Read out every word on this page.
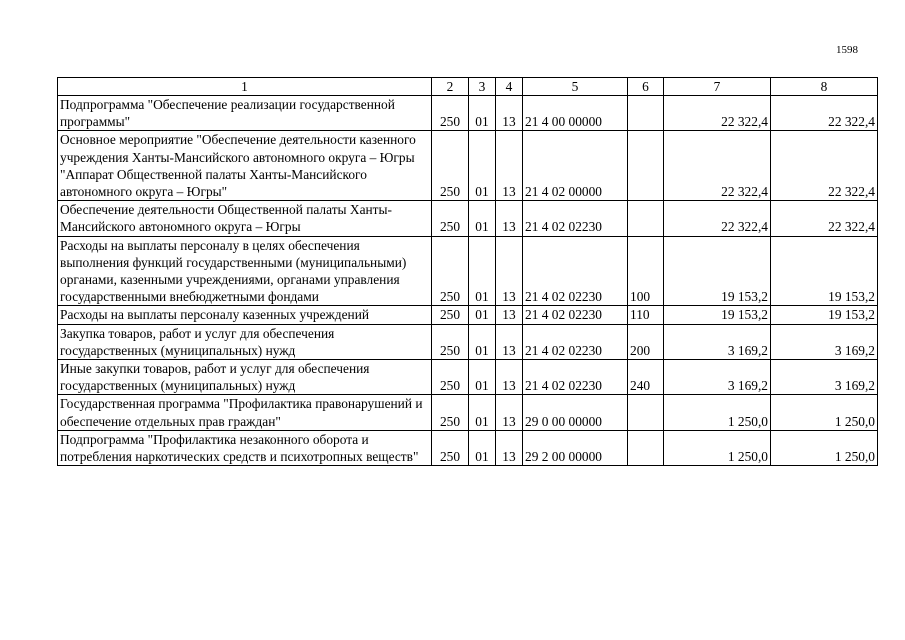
1598
1	2	3	4	5	6	7	8
Подпрограмма "Обеспечение реализации государственной программы"	250	01	13	21 4 00 00000		22 322,4	22 322,4
Основное мероприятие "Обеспечение деятельности казенного учреждения Ханты-Мансийского автономного округа – Югры "Аппарат Общественной палаты Ханты-Мансийского автономного округа – Югры"	250	01	13	21 4 02 00000		22 322,4	22 322,4
Обеспечение деятельности Общественной палаты Ханты-Мансийского автономного округа – Югры	250	01	13	21 4 02 02230		22 322,4	22 322,4
Расходы на выплаты персоналу в целях обеспечения выполнения функций государственными (муниципальными) органами, казенными учреждениями, органами управления государственными внебюджетными фондами	250	01	13	21 4 02 02230	100	19 153,2	19 153,2
Расходы на выплаты персоналу казенных учреждений	250	01	13	21 4 02 02230	110	19 153,2	19 153,2
Закупка товаров, работ и услуг для обеспечения государственных (муниципальных) нужд	250	01	13	21 4 02 02230	200	3 169,2	3 169,2
Иные закупки товаров, работ и услуг для обеспечения государственных (муниципальных) нужд	250	01	13	21 4 02 02230	240	3 169,2	3 169,2
Государственная программа "Профилактика правонарушений и обеспечение отдельных прав граждан"	250	01	13	29 0 00 00000		1 250,0	1 250,0
Подпрограмма "Профилактика незаконного оборота и потребления наркотических средств и психотропных веществ"	250	01	13	29 2 00 00000		1 250,0	1 250,0
